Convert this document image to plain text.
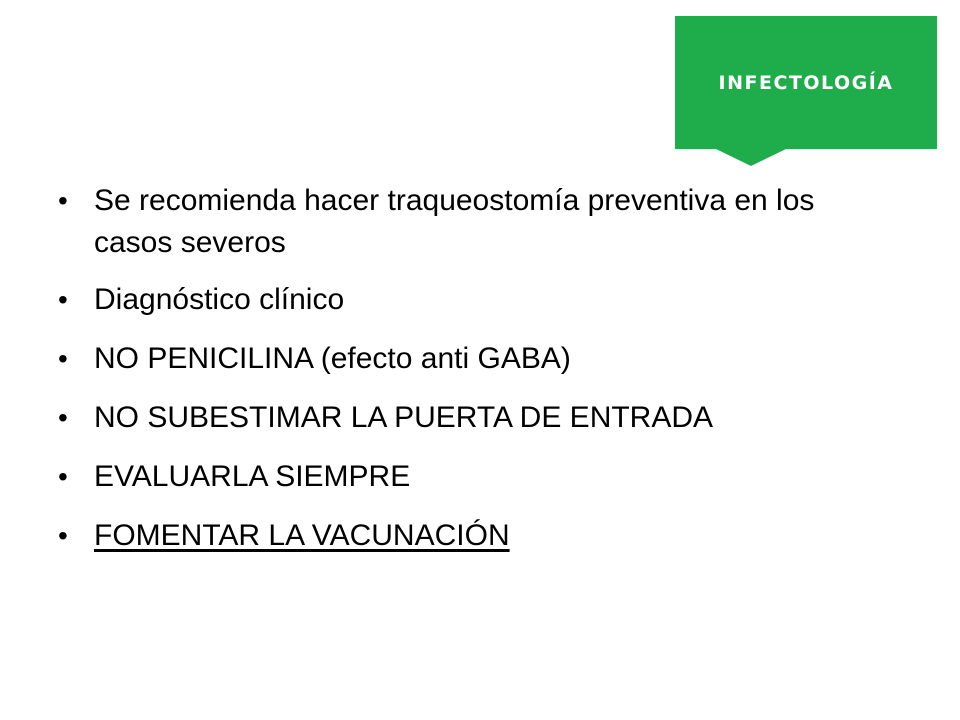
INFECTOLOGÍA
• Se recomienda hacer traqueostomía preventiva en los casos severos
• Diagnóstico clínico
• NO PENICILINA (efecto anti GABA)
• NO SUBESTIMAR LA PUERTA DE ENTRADA
• EVALUARLA SIEMPRE
• FOMENTAR LA VACUNACIÓN
